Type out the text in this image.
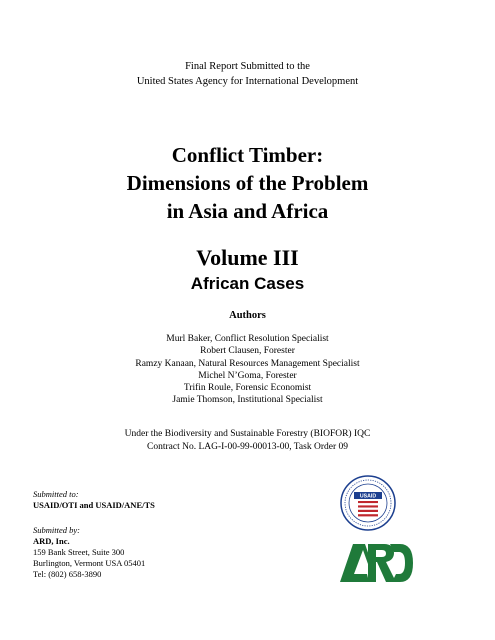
Final Report Submitted to the
United States Agency for International Development
Conflict Timber:
Dimensions of the Problem
in Asia and Africa
Volume III
African Cases
Authors
Murl Baker, Conflict Resolution Specialist
Robert Clausen, Forester
Ramzy Kanaan, Natural Resources Management Specialist
Michel N’Goma, Forester
Trifin Roule, Forensic Economist
Jamie Thomson, Institutional Specialist
Under the Biodiversity and Sustainable Forestry (BIOFOR) IQC
Contract No. LAG-I-00-99-00013-00, Task Order 09
Submitted to:
USAID/OTI and USAID/ANE/TS
Submitted by:
ARD, Inc.
159 Bank Street, Suite 300
Burlington, Vermont USA 05401
Tel: (802) 658-3890
USAID
